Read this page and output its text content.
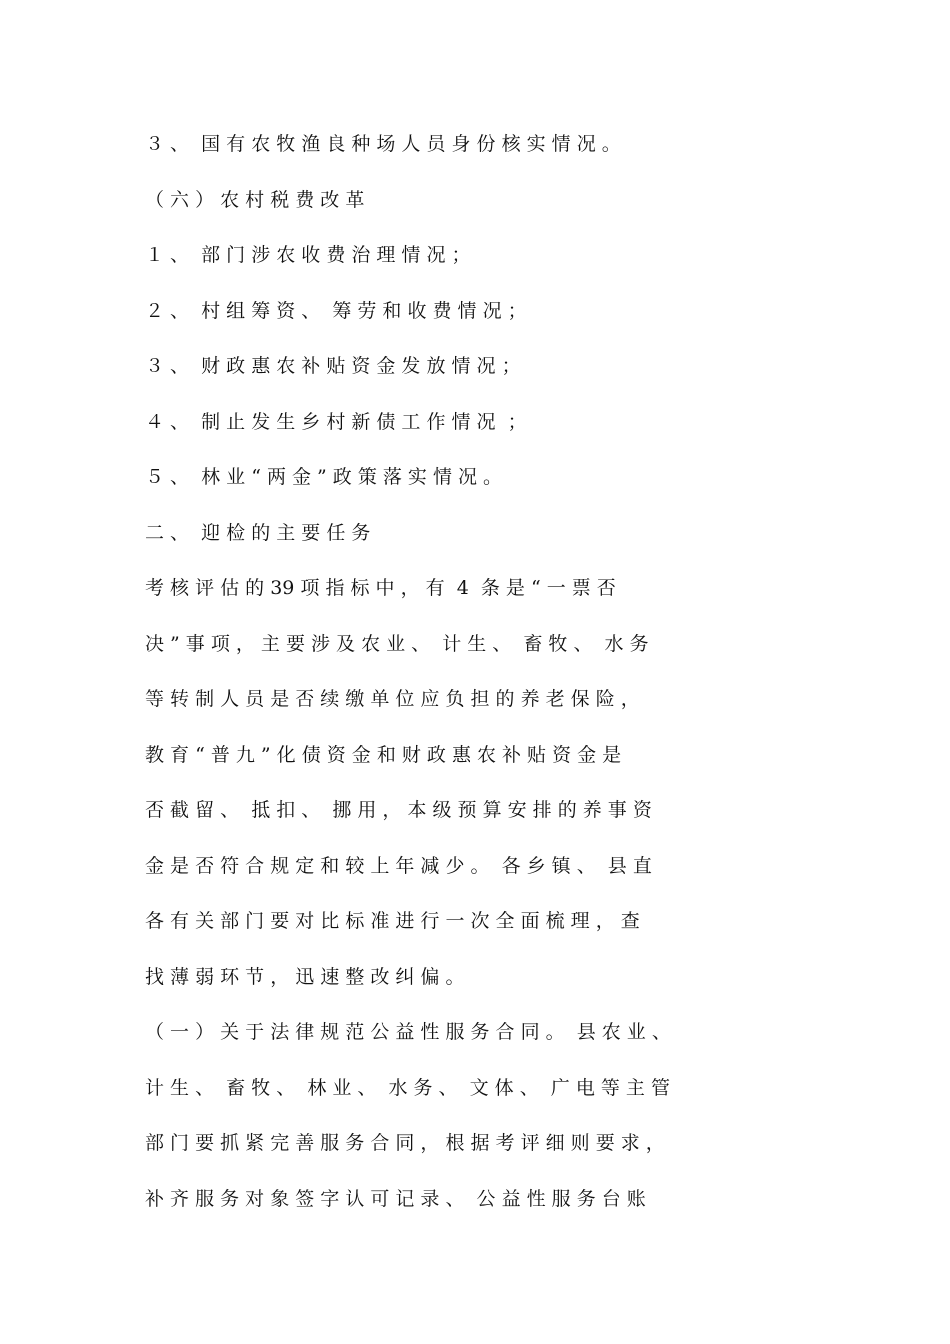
３ 、  国 有 农 牧 渔 良 种 场 人 员 身 份 核 实 情 况 。
（ 六 ） 农 村 税 费 改 革
１ 、  部 门 涉 农 收 费 治 理 情 况 ；
２ 、  村 组 筹 资 、  筹 劳 和 收 费 情 况 ；
３ 、  财 政 惠 农 补 贴 资 金 发 放 情 况 ；
４ 、  制 止 发 生 乡 村 新 债 工 作 情 况  ；
５ 、  林 业 “ 两 金 ” 政 策 落 实 情 况 。
二 、  迎 检 的 主 要 任 务
考 核 评 估 的 39 项 指 标 中 ， 有  4  条 是 “ 一 票 否
决 ” 事 项 ， 主 要 涉 及 农 业 、  计 生 、  畜 牧 、  水 务
等 转 制 人 员 是 否 续 缴 单 位 应 负 担 的 养 老 保 险 ，
教 育 “ 普 九 ” 化 债 资 金 和 财 政 惠 农 补 贴 资 金 是
否 截 留 、  抵 扣 、  挪 用 ， 本 级 预 算 安 排 的 养 事 资
金 是 否 符 合 规 定 和 较 上 年 减 少 。  各 乡 镇 、  县 直
各 有 关 部 门 要 对 比 标 准 进 行 一 次 全 面 梳 理 ， 查
找 薄 弱 环 节 ， 迅 速 整 改 纠 偏 。
（ 一 ） 关 于 法 律 规 范 公 益 性 服 务 合 同 。  县 农 业 、
计 生 、  畜 牧 、  林 业 、  水 务 、  文 体 、  广 电 等 主 管
部 门 要 抓 紧 完 善 服 务 合 同 ， 根 据 考 评 细 则 要 求 ，
补 齐 服 务 对 象 签 字 认 可 记 录 、  公 益 性 服 务 台 账
